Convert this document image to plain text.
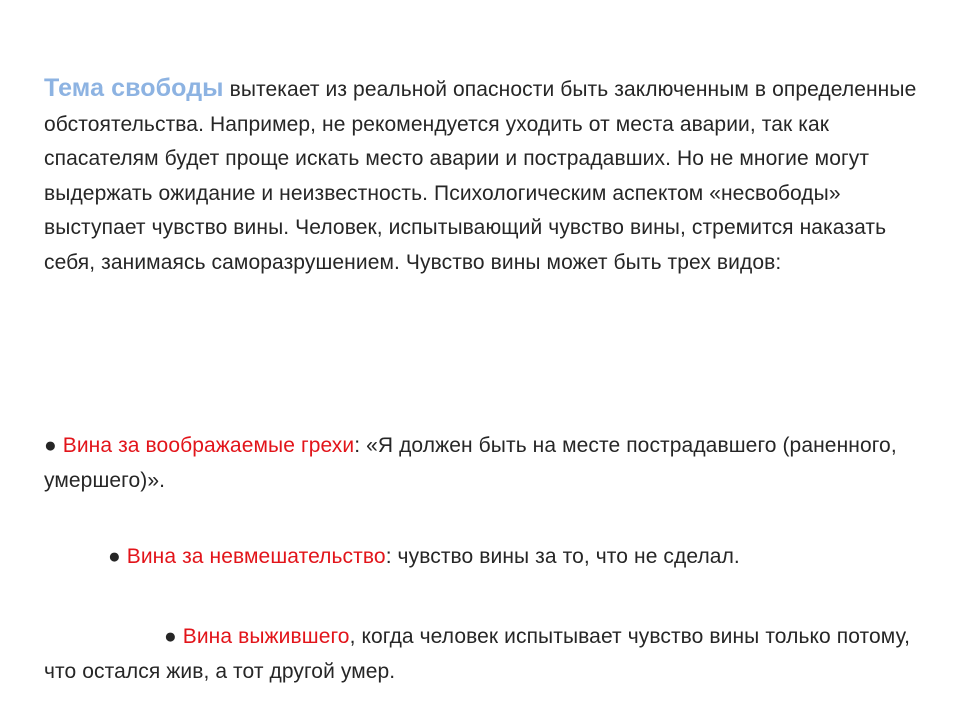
Тема свободы вытекает из реальной опасности быть заключенным в определенные обстоятельства. Например, не рекомендуется уходить от места аварии, так как спасателям будет проще искать место аварии и пострадавших. Но не многие могут выдержать ожидание и неизвестность. Психологическим аспектом «несвободы» выступает чувство вины. Человек, испытывающий чувство вины, стремится наказать себя, занимаясь саморазрушением. Чувство вины может быть трех видов:

● Вина за воображаемые грехи: «Я должен быть на месте пострадавшего (раненного, умершего)».

● Вина за невмешательство: чувство вины за то, что не сделал.

● Вина выжившего, когда человек испытывает чувство вины только потому, что остался жив, а тот другой умер.
